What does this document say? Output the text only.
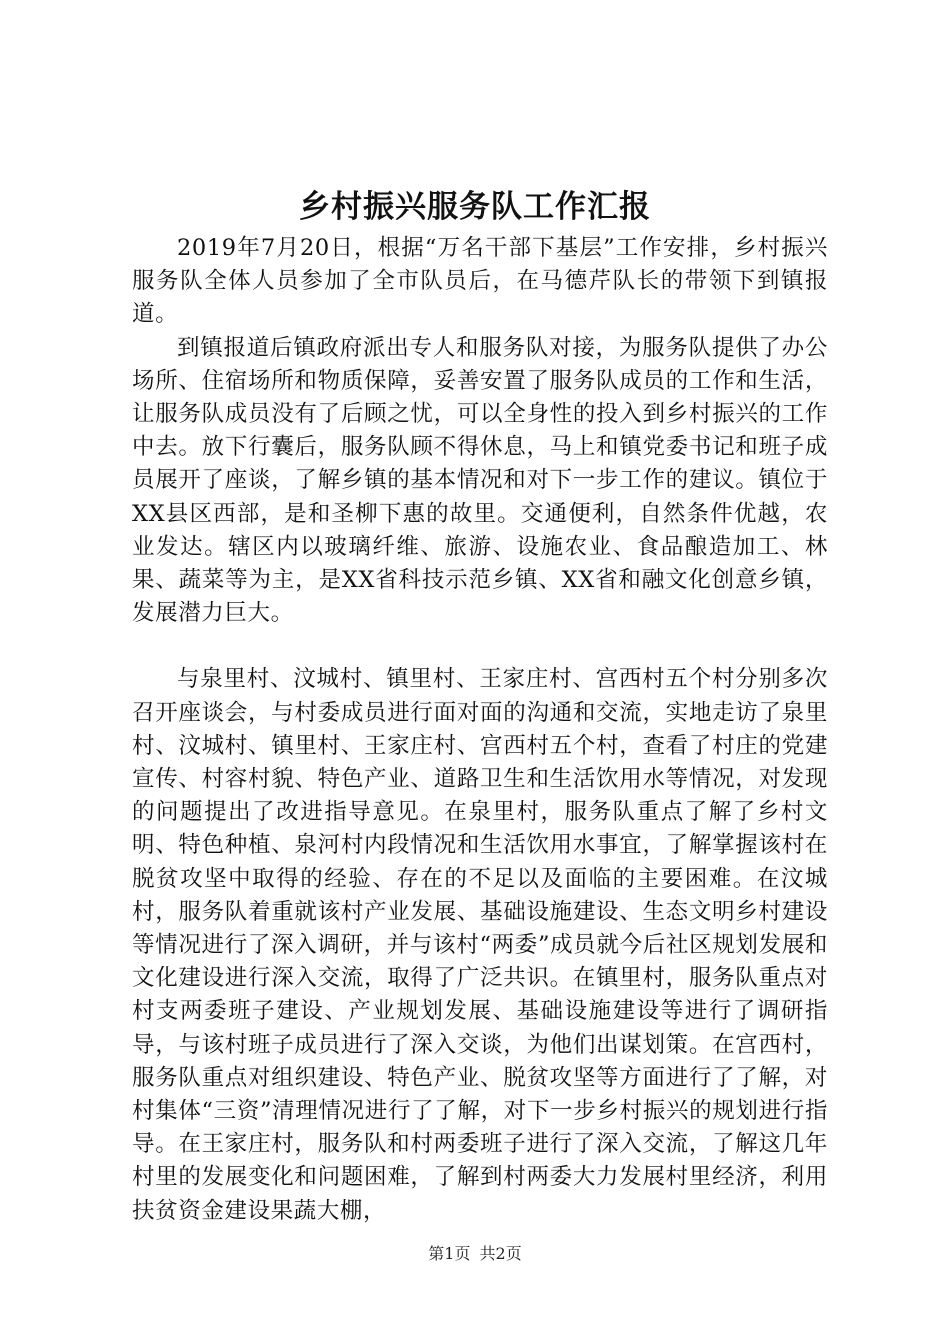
乡村振兴服务队工作汇报

2019年7月20日，根据“万名干部下基层”工作安排，乡村振兴服务队全体人员参加了全市队员后，在马德芹队长的带领下到镇报道。

到镇报道后镇政府派出专人和服务队对接，为服务队提供了办公场所、住宿场所和物质保障，妥善安置了服务队成员的工作和生活，让服务队成员没有了后顾之忧，可以全身性的投入到乡村振兴的工作中去。放下行囊后，服务队顾不得休息，马上和镇党委书记和班子成员展开了座谈，了解乡镇的基本情况和对下一步工作的建议。镇位于XX县区西部，是和圣柳下惠的故里。交通便利，自然条件优越，农业发达。辖区内以玻璃纤维、旅游、设施农业、食品酿造加工、林果、蔬菜等为主，是XX省科技示范乡镇、XX省和融文化创意乡镇，发展潜力巨大。

与泉里村、汶城村、镇里村、王家庄村、宫西村五个村分别多次召开座谈会，与村委成员进行面对面的沟通和交流，实地走访了泉里村、汶城村、镇里村、王家庄村、宫西村五个村，查看了村庄的党建宣传、村容村貌、特色产业、道路卫生和生活饮用水等情况，对发现的问题提出了改进指导意见。在泉里村，服务队重点了解了乡村文明、特色种植、泉河村内段情况和生活饮用水事宜，了解掌握该村在脱贫攻坚中取得的经验、存在的不足以及面临的主要困难。在汶城村，服务队着重就该村产业发展、基础设施建设、生态文明乡村建设等情况进行了深入调研，并与该村“两委”成员就今后社区规划发展和文化建设进行深入交流，取得了广泛共识。在镇里村，服务队重点对村支两委班子建设、产业规划发展、基础设施建设等进行了调研指导，与该村班子成员进行了深入交谈，为他们出谋划策。在宫西村，服务队重点对组织建设、特色产业、脱贫攻坚等方面进行了了解，对村集体“三资”清理情况进行了了解，对下一步乡村振兴的规划进行指导。在王家庄村，服务队和村两委班子进行了深入交流，了解这几年村里的发展变化和问题困难，了解到村两委大力发展村里经济，利用扶贫资金建设果蔬大棚，

第1页 共2页
